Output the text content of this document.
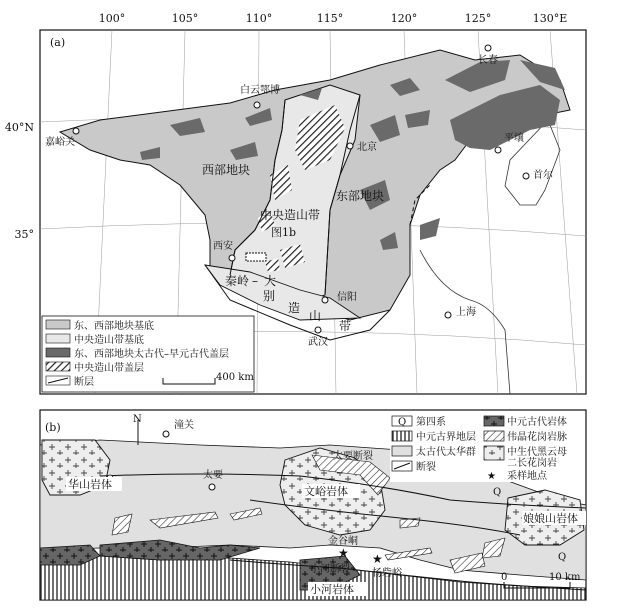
100°	105°	110°	115°	120°	125°	130°E
40°N
35°
嘉峪关
白云鄂博
北京
长春
平壤
首尔
西安
信阳
上海
武汉
西部地块
东部地块
中央造山带
图1b
秦岭 – 大
别
造
山
带
(a)
东、西部地块基底
中央造山带基底
东、西部地块太古代–早元古代盖层
中央造山带盖层
断层	400 km
N
潼关
太要
★ ★
金谷峒
杨砦峪
太要断裂
小河断裂
华山岩体
文峪岩体
娘娘山岩体
小河岩体
Q
Q
(b)	Q 第四系
中元古界地层
太古代太华群
断裂
中元古代岩体
伟晶花岗岩脉
中生代黑云母
二长花岗岩
★ 采样地点
0	10 km
